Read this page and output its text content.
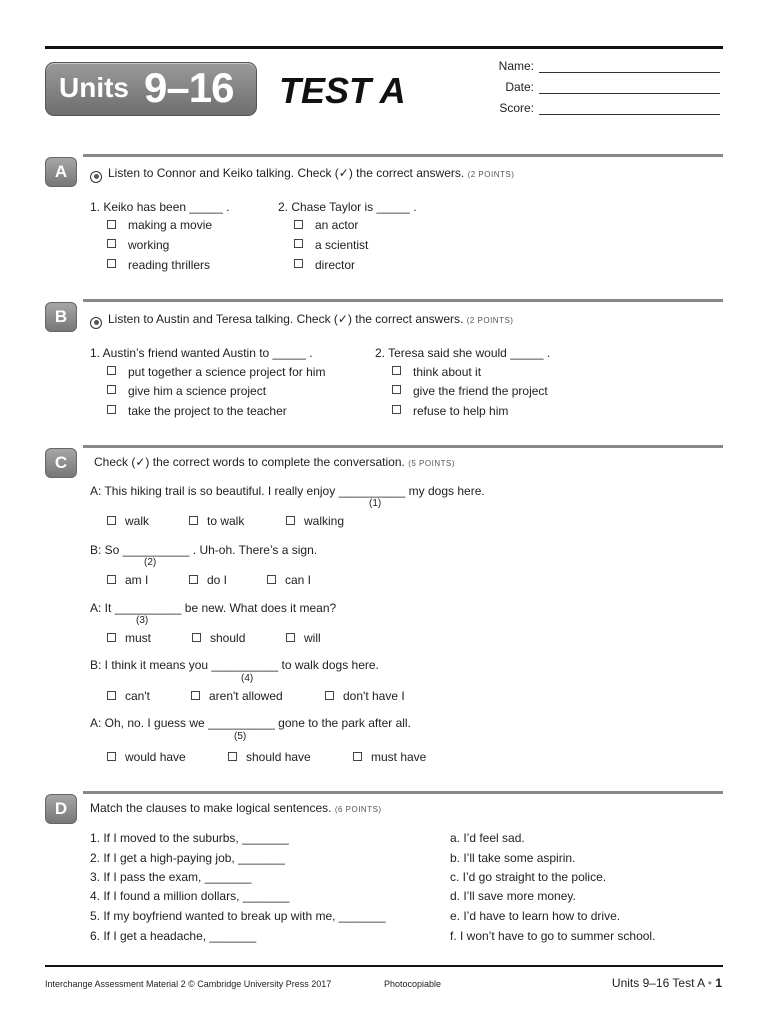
Units 9–16 TEST A
Name:
Date:
Score:
A	Listen to Connor and Keiko talking. Check (✓) the correct answers. (2 POINTS)
1. Keiko has been _____ .
making a movie
working
reading thrillers
2. Chase Taylor is _____ .
an actor
a scientist
director
B	Listen to Austin and Teresa talking. Check (✓) the correct answers. (2 POINTS)
1. Austin’s friend wanted Austin to _____ .
put together a science project for him
give him a science project
take the project to the teacher
2. Teresa said she would _____ .
think about it
give the friend the project
refuse to help him
C	Check (✓) the correct words to complete the conversation. (5 POINTS)
A: This hiking trail is so beautiful. I really enjoy __________ my dogs here.
(1)
walk	to walk	walking
B: So __________ . Uh-oh. There’s a sign.
(2)
am I	do I	can I
A: It __________ be new. What does it mean?
(3)
must	should	will
B: I think it means you __________ to walk dogs here.
(4)
can't	aren't allowed	don't have I
A: Oh, no. I guess we __________ gone to the park after all.
(5)
would have	should have	must have
D	Match the clauses to make logical sentences. (6 POINTS)
1. If I moved to the suburbs, _______
2. If I get a high-paying job, _______
3. If I pass the exam, _______
4. If I found a million dollars, _______
5. If my boyfriend wanted to break up with me, _______
6. If I get a headache, _______
a. I’d feel sad.
b. I’ll take some aspirin.
c. I’d go straight to the police.
d. I’ll save more money.
e. I’d have to learn how to drive.
f. I won’t have to go to summer school.
Interchange Assessment Material 2 © Cambridge University Press 2017	Photocopiable	Units 9–16 Test A • 1
